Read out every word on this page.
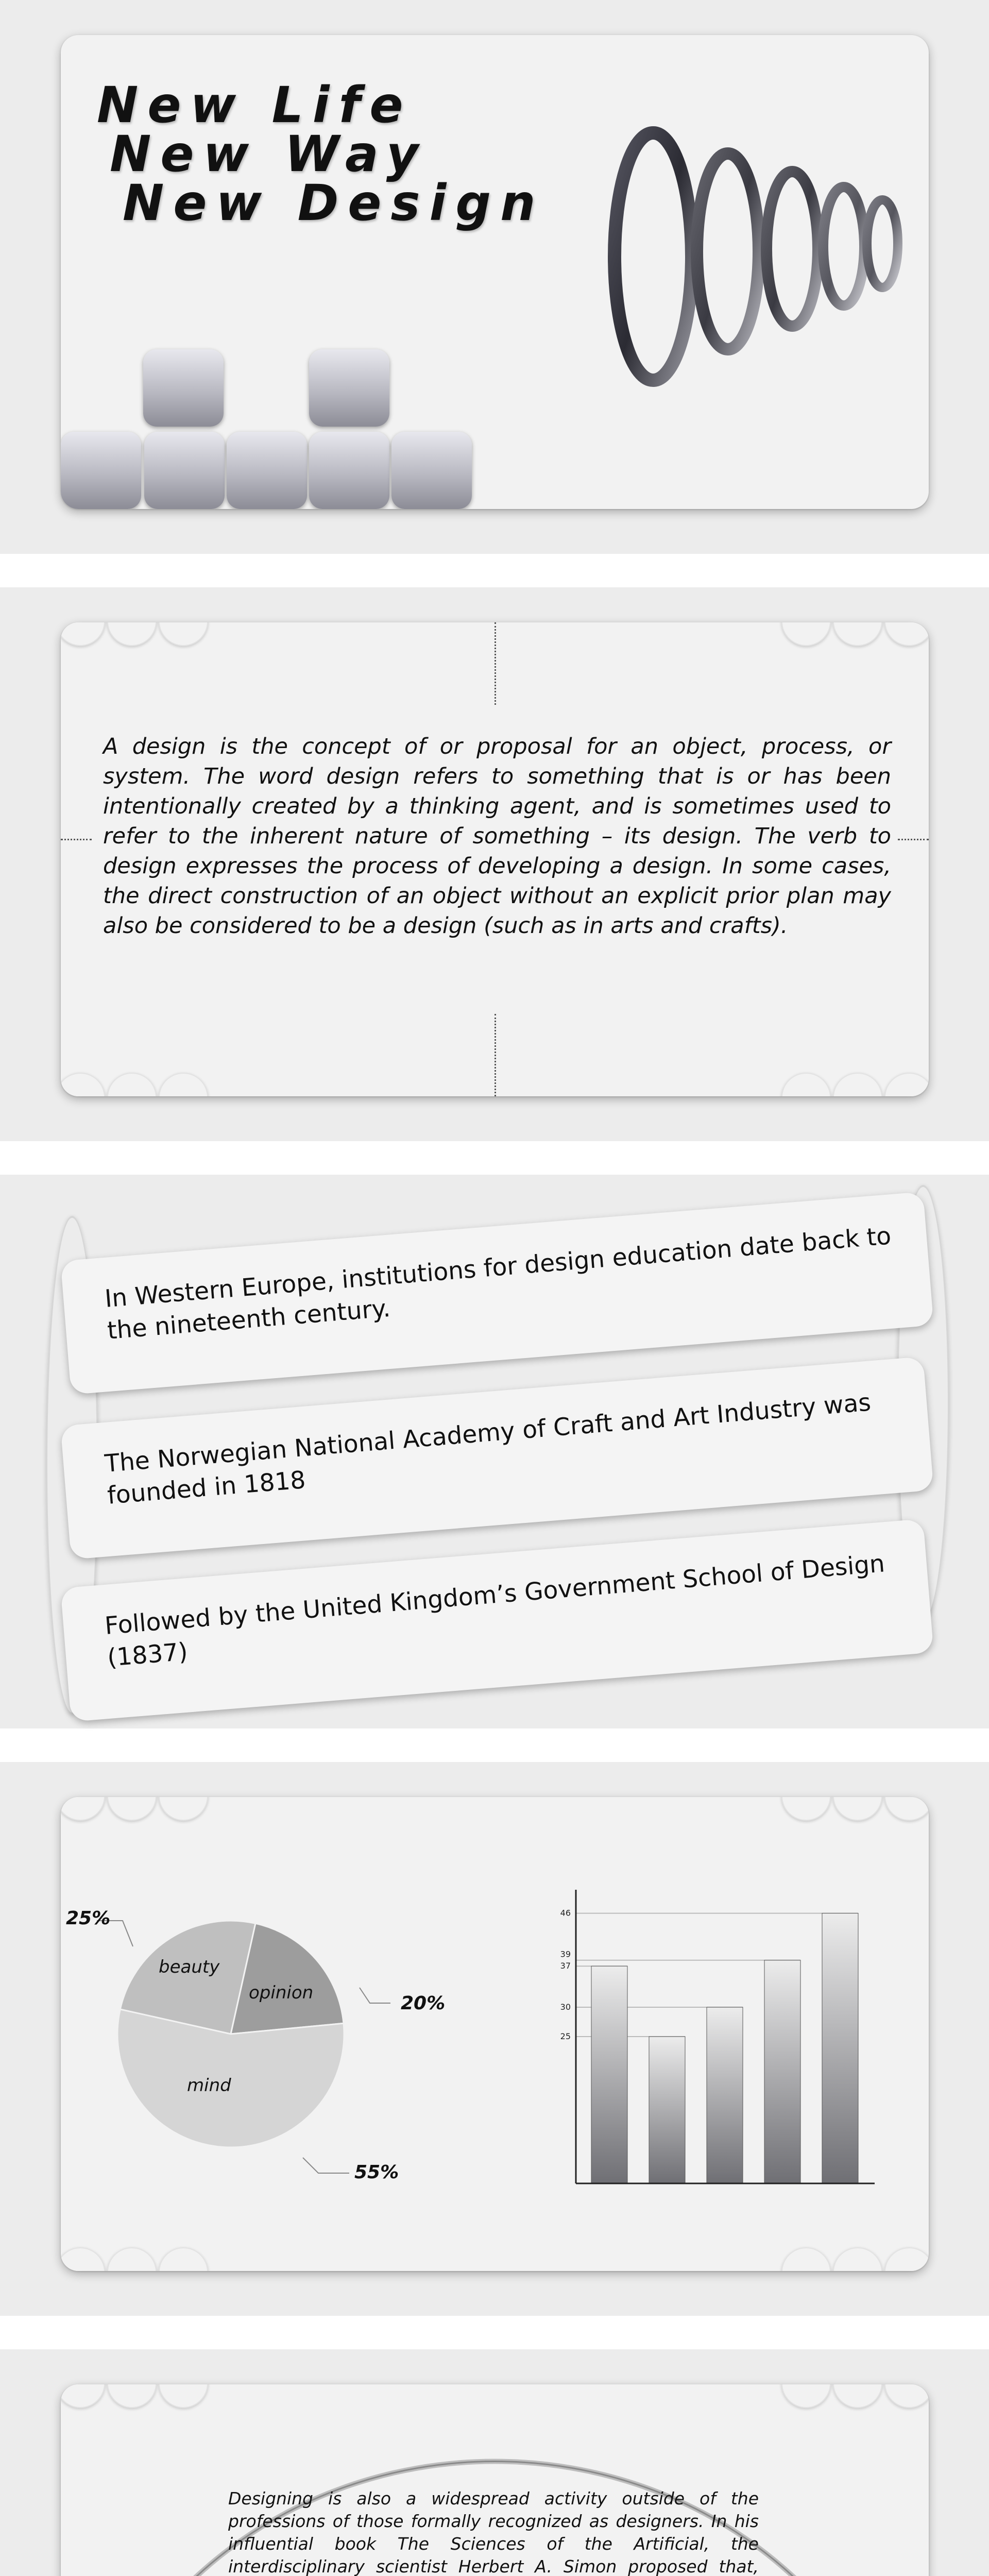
New Life
New Way
New Design
A design is the concept of or proposal for an object, process, or system. The word design refers to something that is or has been intentionally created by a thinking agent, and is sometimes used to refer to the inherent nature of something – its design. The verb to design expresses the process of developing a design. In some cases, the direct construction of an object without an explicit prior plan may also be considered to be a design (such as in arts and crafts).
In Western Europe, institutions for design education date back to the nineteenth century.
The Norwegian National Academy of Craft and Art Industry was founded in 1818
Followed by the United Kingdom’s Government School of Design (1837)
25%
20%
55%
beauty
opinion
mind
46
39
37
30
25
Designing is also a widespread activity outside of the professions of those formally recognized as designers. In his influential book The Sciences of the Artificial, the interdisciplinary scientist Herbert A. Simon proposed that,
